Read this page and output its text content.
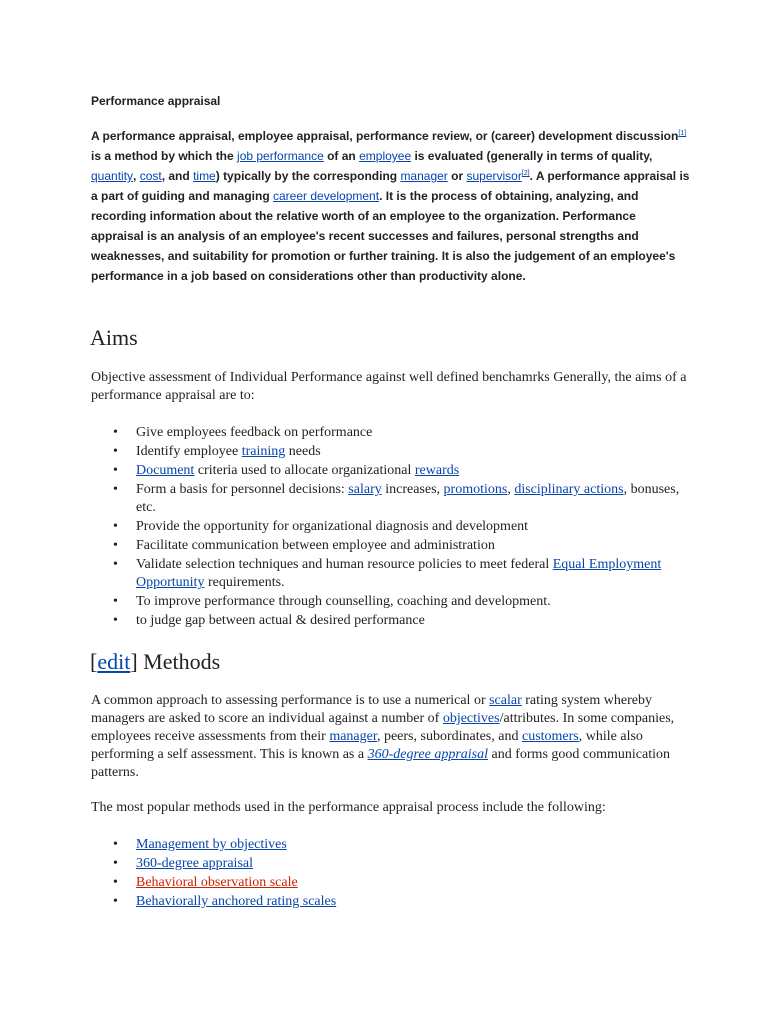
Performance appraisal
A performance appraisal, employee appraisal, performance review, or (career) development discussion[1] is a method by which the job performance of an employee is evaluated (generally in terms of quality, quantity, cost, and time) typically by the corresponding manager or supervisor[2]. A performance appraisal is a part of guiding and managing career development. It is the process of obtaining, analyzing, and recording information about the relative worth of an employee to the organization. Performance appraisal is an analysis of an employee's recent successes and failures, personal strengths and weaknesses, and suitability for promotion or further training. It is also the judgement of an employee's performance in a job based on considerations other than productivity alone.
Aims
Objective assessment of Individual Performance against well defined benchamrks Generally, the aims of a performance appraisal are to:
• Give employees feedback on performance
• Identify employee training needs
• Document criteria used to allocate organizational rewards
• Form a basis for personnel decisions: salary increases, promotions, disciplinary actions, bonuses, etc.
• Provide the opportunity for organizational diagnosis and development
• Facilitate communication between employee and administration
• Validate selection techniques and human resource policies to meet federal Equal Employment Opportunity requirements.
• To improve performance through counselling, coaching and development.
• to judge gap between actual & desired performance
[edit] Methods
A common approach to assessing performance is to use a numerical or scalar rating system whereby managers are asked to score an individual against a number of objectives/attributes. In some companies, employees receive assessments from their manager, peers, subordinates, and customers, while also performing a self assessment. This is known as a 360-degree appraisal and forms good communication patterns.
The most popular methods used in the performance appraisal process include the following:
• Management by objectives
• 360-degree appraisal
• Behavioral observation scale
• Behaviorally anchored rating scales
